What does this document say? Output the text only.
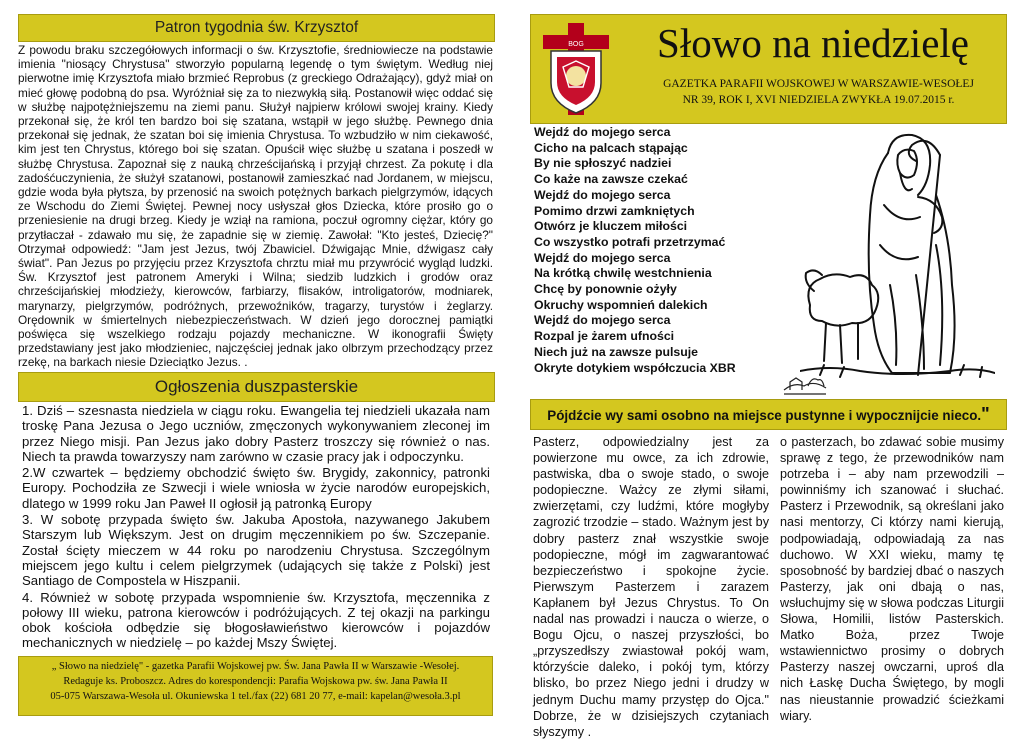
Patron tygodnia św. Krzysztof
Z powodu braku szczegółowych informacji o św. Krzysztofie, średniowiecze na podstawie imienia "niosący Chrystusa" stworzyło popularną legendę o tym świętym. Według niej pierwotne imię Krzysztofa miało brzmieć Reprobus (z greckiego Odrażający), gdyż miał on mieć głowę podobną do psa. Wyróżniał się za to niezwykłą siłą. Postanowił więc oddać się w służbę najpotężniejszemu na ziemi panu. Służył najpierw królowi swojej krainy. Kiedy przekonał się, że król ten bardzo boi się szatana, wstąpił w jego służbę. Pewnego dnia przekonał się jednak, że szatan boi się imienia Chrystusa. To wzbudziło w nim ciekawość, kim jest ten Chrystus, którego boi się szatan. Opuścił więc służbę u szatana i poszedł w służbę Chrystusa. Zapoznał się z nauką chrześcijańską i przyjął chrzest. Za pokutę i dla zadośćuczynienia, że służył szatanowi, postanowił zamieszkać nad Jordanem, w miejscu, gdzie woda była płytsza, by przenosić na swoich potężnych barkach pielgrzymów, idących ze Wschodu do Ziemi Świętej. Pewnej nocy usłyszał głos Dziecka, które prosiło go o przeniesienie na drugi brzeg. Kiedy je wziął na ramiona, poczuł ogromny ciężar, który go przytłaczał - zdawało mu się, że zapadnie się w ziemię. Zawołał: "Kto jesteś, Dziecię?" Otrzymał odpowiedź: "Jam jest Jezus, twój Zbawiciel. Dźwigając Mnie, dźwigasz cały świat". Pan Jezus po przyjęciu przez Krzysztofa chrztu miał mu przywrócić wygląd ludzki. Św. Krzysztof jest patronem Ameryki i Wilna; siedzib ludzkich i grodów oraz chrześcijańskiej młodzieży, kierowców, farbiarzy, flisaków, introligatorów, modniarek, marynarzy, pielgrzymów, podróżnych, przewoźników, tragarzy, turystów i żeglarzy. Orędownik w śmiertelnych niebezpieczeństwach. W dzień jego dorocznej pamiątki poświęca się wszelkiego rodzaju pojazdy mechaniczne. W ikonografii Święty przedstawiany jest jako młodzieniec, najczęściej jednak jako olbrzym przechodzący przez rzekę, na barkach niesie Dzieciątko Jezus. .
Ogłoszenia duszpasterskie

1. Dziś – szesnasta niedziela w ciągu roku. Ewangelia tej niedzieli ukazała nam troskę Pana Jezusa o Jego uczniów, zmęczonych wykonywaniem zleconej im przez Niego misji. Pan Jezus jako dobry Pasterz troszczy się również o nas. Niech ta prawda towarzyszy nam zarówno w czasie pracy jak i odpoczynku.

2.W czwartek – będziemy obchodzić święto św. Brygidy, zakonnicy, patronki Europy. Pochodziła ze Szwecji i wiele wniosła w życie narodów europejskich, dlatego w 1999 roku Jan Paweł II ogłosił ją patronką Europy

3. W sobotę przypada święto św. Jakuba Apostoła, nazywanego Jakubem Starszym lub Większym. Jest on drugim męczennikiem po św. Szczepanie. Został ścięty mieczem w 44 roku po narodzeniu Chrystusa. Szczególnym miejscem jego kultu i celem pielgrzymek (udających się także z Polski) jest Santiago de Compostela w Hiszpanii.

4. Również w sobotę przypada wspomnienie św. Krzysztofa, męczennika z połowy III wieku, patrona kierowców i podróżujących. Z tej okazji na parkingu obok kościoła odbędzie się błogosławieństwo kierowców i pojazdów mechanicznych w niedzielę – po każdej Mszy Świętej.

„ Słowo na niedzielę" - gazetka Parafii Wojskowej pw. Św. Jana Pawła II w Warszawie -Wesołej.
Redaguje ks. Proboszcz. Adres do korespondencji: Parafia Wojskowa pw. św. Jana Pawła II
05-075 Warszawa-Wesoła ul. Okuniewska 1 tel./fax (22) 681 20 77, e-mail: kapelan@wesoła.3.pl
BOG	Słowo na niedzielę
GAZETKA PARAFII WOJSKOWEJ W WARSZAWIE-WESOŁEJ
NR 39, ROK I, XVI NIEDZIELA ZWYKŁA 19.07.2015 r.
Wejdź do mojego serca
Cicho na palcach stąpając
By nie spłoszyć nadziei
Co każe na zawsze czekać
Wejdź do mojego serca
Pomimo drzwi zamkniętych
Otwórz je kluczem miłości
Co wszystko potrafi przetrzymać
Wejdź do mojego serca
Na krótką chwilę westchnienia
Chcę by ponownie ożyły
Okruchy wspomnień dalekich
Wejdź do mojego serca
Rozpal je żarem ufności
Niech już na zawsze pulsuje
Okryte dotykiem współczucia XBR
Pójdźcie wy sami osobno na miejsce pustynne i wypocznijcie nieco."
Pasterz, odpowiedzialny jest za powierzone mu owce, za ich zdrowie, pastwiska, dba o swoje stado, o swoje podopieczne. Ważcy ze złymi siłami, zwierzętami, czy ludźmi, które mogłyby zagrozić trzodzie – stado. Ważnym jest by dobry pasterz znał wszystkie swoje podopieczne, mógł im zagwarantować bezpieczeństwo i spokojne życie. Pierwszym Pasterzem i zarazem Kapłanem był Jezus Chrystus. To On nadal nas prowadzi i naucza o wierze, o Bogu Ojcu, o naszej przyszłości, bo „przyszedłszy zwiastował pokój wam, którzyście daleko, i pokój tym, którzy blisko, bo przez Niego jedni i drudzy w jednym Duchu mamy przystęp do Ojca." Dobrze, że w dzisiejszych czytaniach słyszymy .
o pasterzach, bo zdawać sobie musimy sprawę z tego, że przewodników nam potrzeba i – aby nam przewodzili – powinniśmy ich szanować i słuchać. Pasterz i Przewodnik, są określani jako nasi mentorzy, Ci którzy nami kierują, podpowiadają, odpowiadają za nas duchowo. W XXI wieku, mamy tę sposobność by bardziej dbać o naszych Pasterzy, jak oni dbają o nas, wsłuchujmy się w słowa podczas Liturgii Słowa, Homilii, listów Pasterskich. Matko Boża, przez Twoje wstawiennictwo prosimy o dobrych Pasterzy naszej owczarni, uproś dla nich Łaskę Ducha Świętego, by mogli nas nieustannie prowadzić ścieżkami wiary.
